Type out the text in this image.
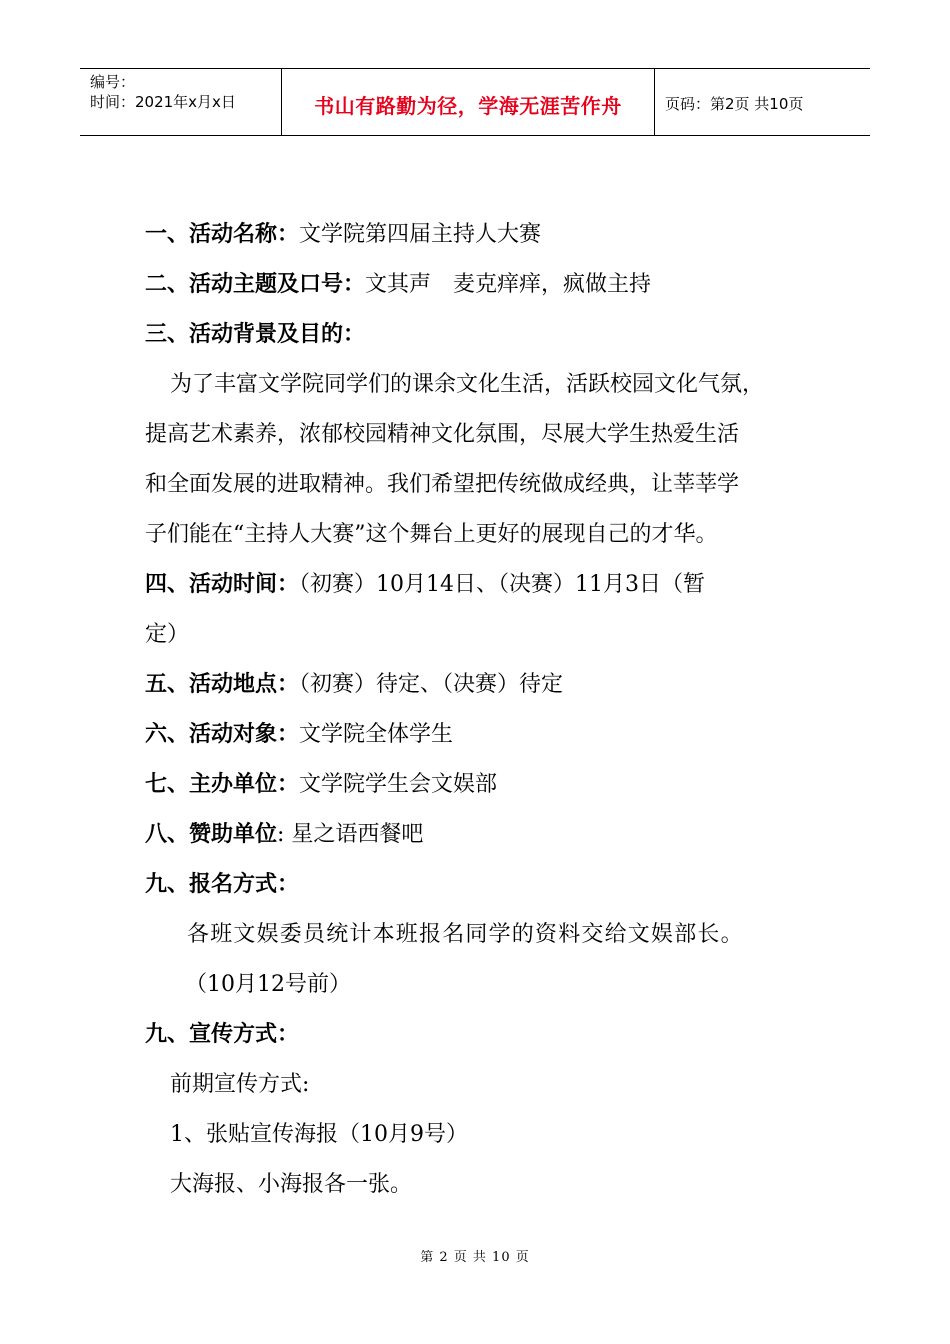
编号：
时间：2021年x月x日	书山有路勤为径，学海无涯苦作舟	页码：第2页 共10页
一、活动名称：文学院第四届主持人大赛
二、活动主题及口号：文其声　麦克痒痒，疯做主持
三、活动背景及目的：
为了丰富文学院同学们的课余文化生活，活跃校园文化气氛，
提高艺术素养，浓郁校园精神文化氛围，尽展大学生热爱生活
和全面发展的进取精神。我们希望把传统做成经典，让莘莘学
子们能在“主持人大赛”这个舞台上更好的展现自己的才华。
四、活动时间：（初赛）10月14日、（决赛）11月3日（暂
定）
五、活动地点：（初赛）待定、（决赛）待定
六、活动对象：文学院全体学生
七、主办单位：文学院学生会文娱部
八、赞助单位: 星之语西餐吧
九、报名方式：
各班文娱委员统计本班报名同学的资料交给文娱部长。
（10月12号前）
九、宣传方式：
前期宣传方式:
1、张贴宣传海报（10月9号）
大海报、小海报各一张。
第 2 页 共 10 页
